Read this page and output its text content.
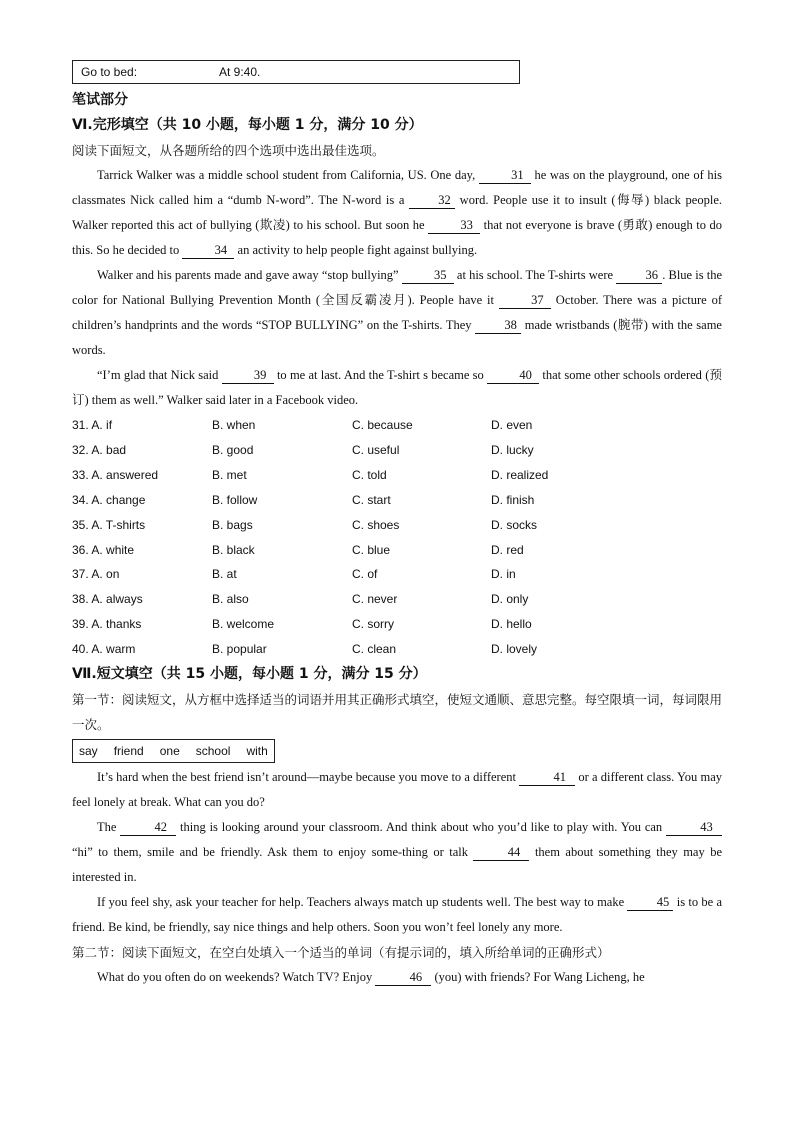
Go to bed:	At 9:40.
笔试部分
Ⅵ.完形填空（共 10 小题，每小题 1 分，满分 10 分）
阅读下面短文，从各题所给的四个选项中选出最佳选项。
Tarrick Walker was a middle school student from California, US. One day,	31 he was on the playground, one of his classmates Nick called him a “dumb N-word”. The N-word is a 32 word. People use it to insult (侮辱) black people. Walker reported this act of bullying (欺凌) to his school. But soon he	33 that not everyone is brave (勇敢) enough to do this. So he decided to	34 an activity to help people fight against bullying.
Walker and his parents made and gave away “stop bullying”	35 at his school. The T-shirts were 36 . Blue is the color for National Bullying Prevention Month (全国反霸凌月). People have it	37 October. There was a picture of children’s handprints and the words “STOP BULLYING” on the T-shirts. They 38 made wristbands (腕带) with the same words.
“I’m glad that Nick said	39 to me at last. And the T-shirt s became so	40 that some other schools ordered (预订) them as well.” Walker said later in a Facebook video.
31. A. if	B. when	C. because	D. even
32. A. bad	B. good	C. useful	D. lucky
33. A. answered	B. met	C. told	D. realized
34. A. change	B. follow	C. start	D. finish
35. A. T-shirts	B. bags	C. shoes	D. socks
36. A. white	B. black	C. blue	D. red
37. A. on	B. at	C. of	D. in
38. A. always	B. also	C. never	D. only
39. A. thanks	B. welcome	C. sorry	D. hello
40. A. warm	B. popular	C. clean	D. lovely
Ⅶ.短文填空（共 15 小题，每小题 1 分，满分 15 分）
第一节：阅读短文，从方框中选择适当的词语并用其正确形式填空，使短文通顺、意思完整。每空限填一词，每词限用一次。
say friend one school with
It’s hard when the best friend isn’t around—maybe because you move to a different	41 or a different class. You may feel lonely at break. What can you do?
The	42 thing is looking around your classroom. And think about who you’d like to play with. You can	43 “hi” to them, smile and be friendly. Ask them to enjoy some-thing or talk	44 them about something they may be interested in.
If you feel shy, ask your teacher for help. Teachers always match up students well. The best way to make 45 is to be a friend. Be kind, be friendly, say nice things and help others. Soon you won’t feel lonely any more.
第二节：阅读下面短文，在空白处填入一个适当的单词（有提示词的，填入所给单词的正确形式）
What do you often do on weekends? Watch TV? Enjoy	46 (you) with friends? For Wang Licheng, he
